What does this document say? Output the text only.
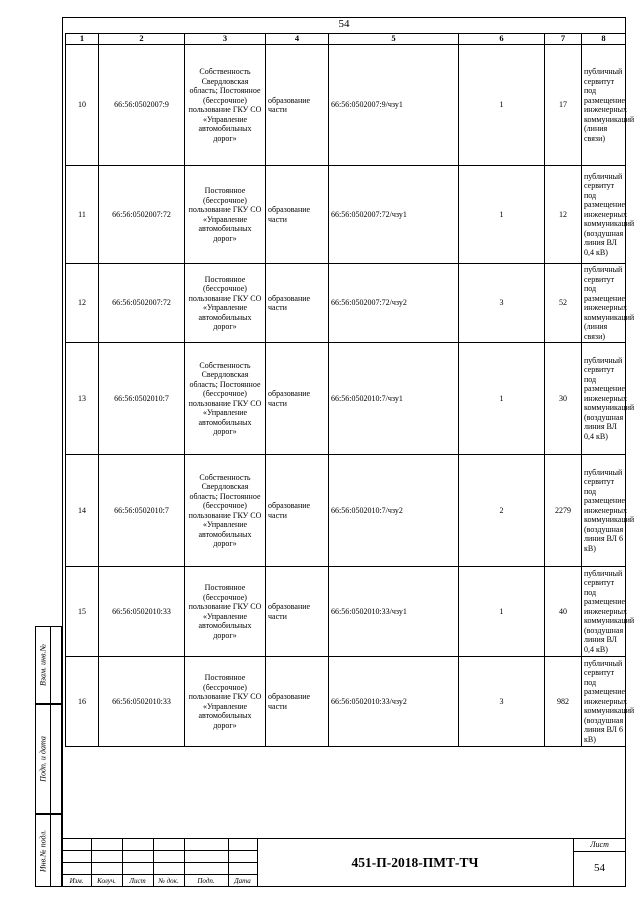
54
1	2	3	4	5	6	7	8
10	66:56:0502007:9	Собственность Свердловская область; Постоянное (бессрочное) пользование ГКУ СО «Управление автомобильных дорог»	образование части	66:56:0502007:9/чзу1	1	17	публичный сервитут под размещение инженерных коммуникаций (линия связи)
11	66:56:0502007:72	Постоянное (бессрочное) пользование ГКУ СО «Управление автомобильных дорог»	образование части	66:56:0502007:72/чзу1	1	12	публичный сервитут под размещение инженерных коммуникаций (воздушная линия ВЛ 0,4 кВ)
12	66:56:0502007:72	Постоянное (бессрочное) пользование ГКУ СО «Управление автомобильных дорог»	образование части	66:56:0502007:72/чзу2	3	52	публичный сервитут под размещение инженерных коммуникаций (линия связи)
13	66:56:0502010:7	Собственность Свердловская область; Постоянное (бессрочное) пользование ГКУ СО «Управление автомобильных дорог»	образование части	66:56:0502010:7/чзу1	1	30	публичный сервитут под размещение инженерных коммуникаций (воздушная линия ВЛ 0,4 кВ)
14	66:56:0502010:7	Собственность Свердловская область; Постоянное (бессрочное) пользование ГКУ СО «Управление автомобильных дорог»	образование части	66:56:0502010:7/чзу2	2	2279	публичный сервитут под размещение инженерных коммуникаций (воздушная линия ВЛ 6 кВ)
15	66:56:0502010:33	Постоянное (бессрочное) пользование ГКУ СО «Управление автомобильных дорог»	образование части	66:56:0502010:33/чзу1	1	40	публичный сервитут под размещение инженерных коммуникаций (воздушная линия ВЛ 0,4 кВ)
16	66:56:0502010:33	Постоянное (бессрочное) пользование ГКУ СО «Управление автомобильных дорог»	образование части	66:56:0502010:33/чзу2	3	982	публичный сервитут под размещение инженерных коммуникаций (воздушная линия ВЛ 6 кВ)
Взам. инв.№
Подп. и дата
Инв.№ подл.
Изм.	Колуч.	Лист	№ док.	Подп.	Дата
451-П-2018-ПМТ-ТЧ
Лист
54
